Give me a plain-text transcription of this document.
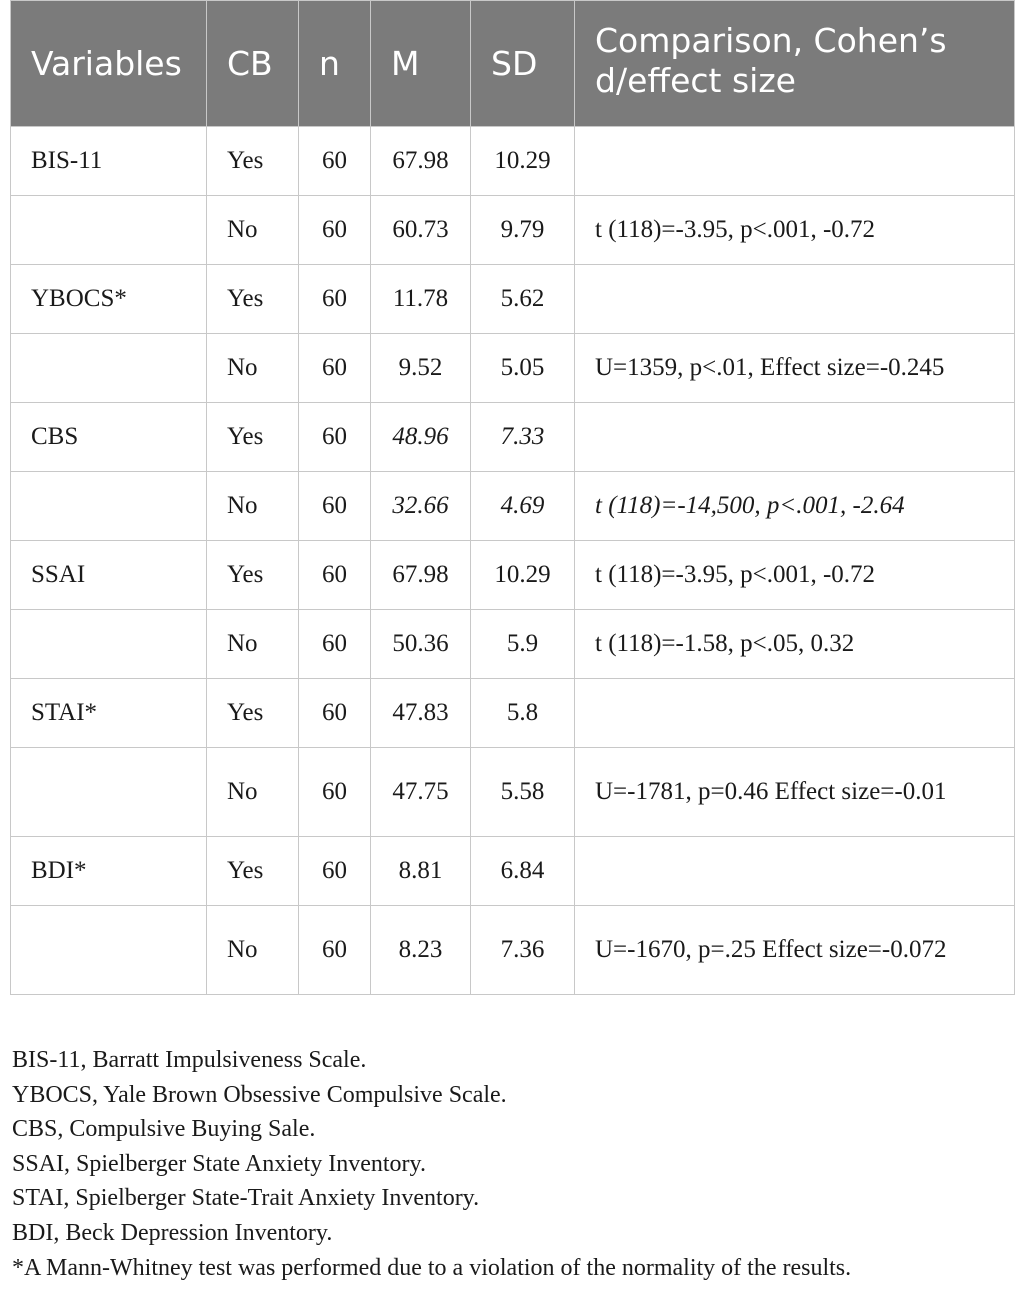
Variables	CB	n	M	SD	Comparison, Cohen’s d/effect size
BIS-11	Yes	60	67.98	10.29	
	No	60	60.73	9.79	t (118)=-3.95, p<.001, -0.72
YBOCS*	Yes	60	11.78	5.62	
	No	60	9.52	5.05	U=1359, p<.01, Effect size=-0.245
CBS	Yes	60	48.96	7.33	
	No	60	32.66	4.69	t (118)=-14,500, p<.001, -2.64
SSAI	Yes	60	67.98	10.29	t (118)=-3.95, p<.001, -0.72
	No	60	50.36	5.9	t (118)=-1.58, p<.05, 0.32
STAI*	Yes	60	47.83	5.8	
	No	60	47.75	5.58	U=-1781, p=0.46 Effect size=-0.01
BDI*	Yes	60	8.81	6.84	
	No	60	8.23	7.36	U=-1670, p=.25 Effect size=-0.072
BIS-11, Barratt Impulsiveness Scale.
YBOCS, Yale Brown Obsessive Compulsive Scale.
CBS, Compulsive Buying Sale.
SSAI, Spielberger State Anxiety Inventory.
STAI, Spielberger State-Trait Anxiety Inventory.
BDI, Beck Depression Inventory.
*A Mann-Whitney test was performed due to a violation of the normality of the results.
